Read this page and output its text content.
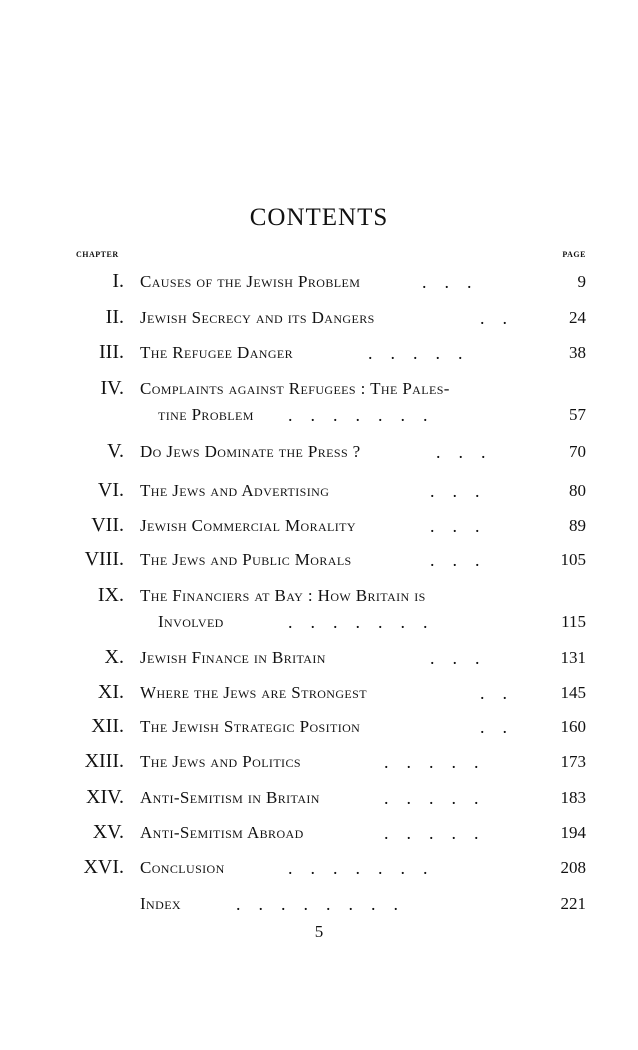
CONTENTS
CHAPTER	PAGE
I. Causes of the Jewish Problem	.    .    .	9
II. Jewish Secrecy and its Dangers	.    .	24
III. The Refugee Danger	.    .    .    .    .	38
IV. Complaints against Refugees : The Pales-
tine Problem .    .    .    .    .    .    .	57
V. Do Jews Dominate the Press ?	.    .    .	70
VI. The Jews and Advertising	.    .    .	80
VII. Jewish Commercial Morality	.    .    .	89
VIII. The Jews and Public Morals	.    .    .	105
IX. The Financiers at Bay : How Britain is
Involved	.    .    .    .    .    .    .	115
X. Jewish Finance in Britain	.    .    .	131
XI. Where the Jews are Strongest	.    .	145
XII. The Jewish Strategic Position	.    .	160
XIII. The Jews and Politics	.    .    .    .    .	173
XIV. Anti-Semitism in Britain	.    .    .    .    .	183
XV. Anti-Semitism Abroad	.    .    .    .    .	194
XVI. Conclusion	.    .    .    .    .    .    .	208
Index	.    .    .    .    .    .    .    .	221
5
